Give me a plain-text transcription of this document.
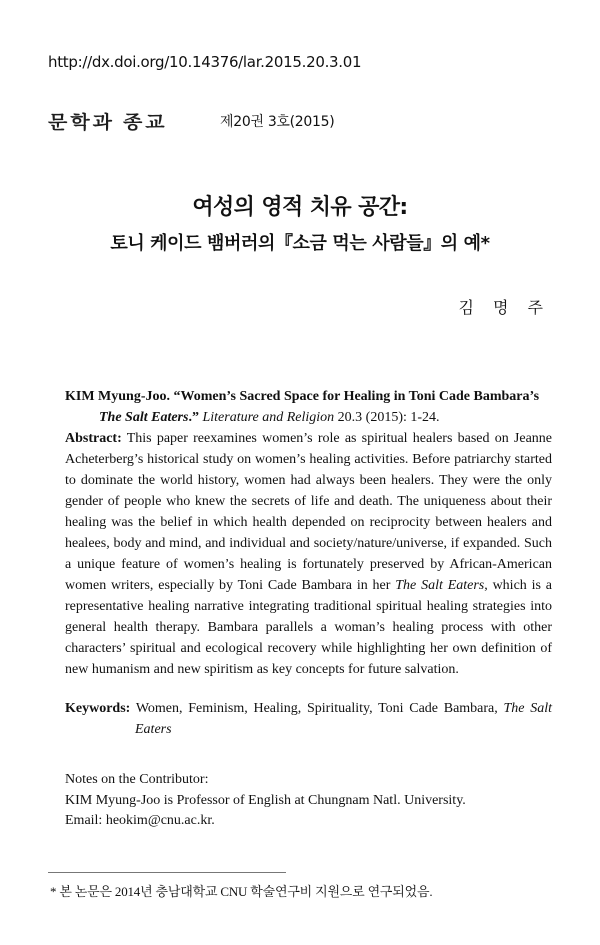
http://dx.doi.org/10.14376/lar.2015.20.3.01
문학과 종교	제20권 3호(2015)
여성의 영적 치유 공간:
토니 케이드 뱀버러의『소금 먹는 사람들』의 예*
김 명 주

KIM Myung-Joo. “Women’s Sacred Space for Healing in Toni Cade Bambara’s The Salt Eaters.” Literature and Religion 20.3 (2015): 1-24.

Abstract: This paper reexamines women’s role as spiritual healers based on Jeanne Acheterberg’s historical study on women’s healing activities. Before patriarchy started to dominate the world history, women had always been healers. They were the only gender of people who knew the secrets of life and death. The uniqueness about their healing was the belief in which health depended on reciprocity between healers and healees, body and mind, and individual and society/nature/universe, if expanded. Such a unique feature of women’s healing is fortunately preserved by African-American women writers, especially by Toni Cade Bambara in her The Salt Eaters, which is a representative healing narrative integrating traditional spiritual healing strategies into general health therapy. Bambara parallels a woman’s healing process with other characters’ spiritual and ecological recovery while highlighting her own definition of new humanism and new spiritism as key concepts for future salvation.

Keywords: Women, Feminism, Healing, Spirituality, Toni Cade Bambara, The Salt Eaters

Notes on the Contributor:
KIM Myung-Joo is Professor of English at Chungnam Natl. University.
Email: heokim@cnu.ac.kr.
* 본 논문은 2014년 충남대학교 CNU 학술연구비 지원으로 연구되었음.
